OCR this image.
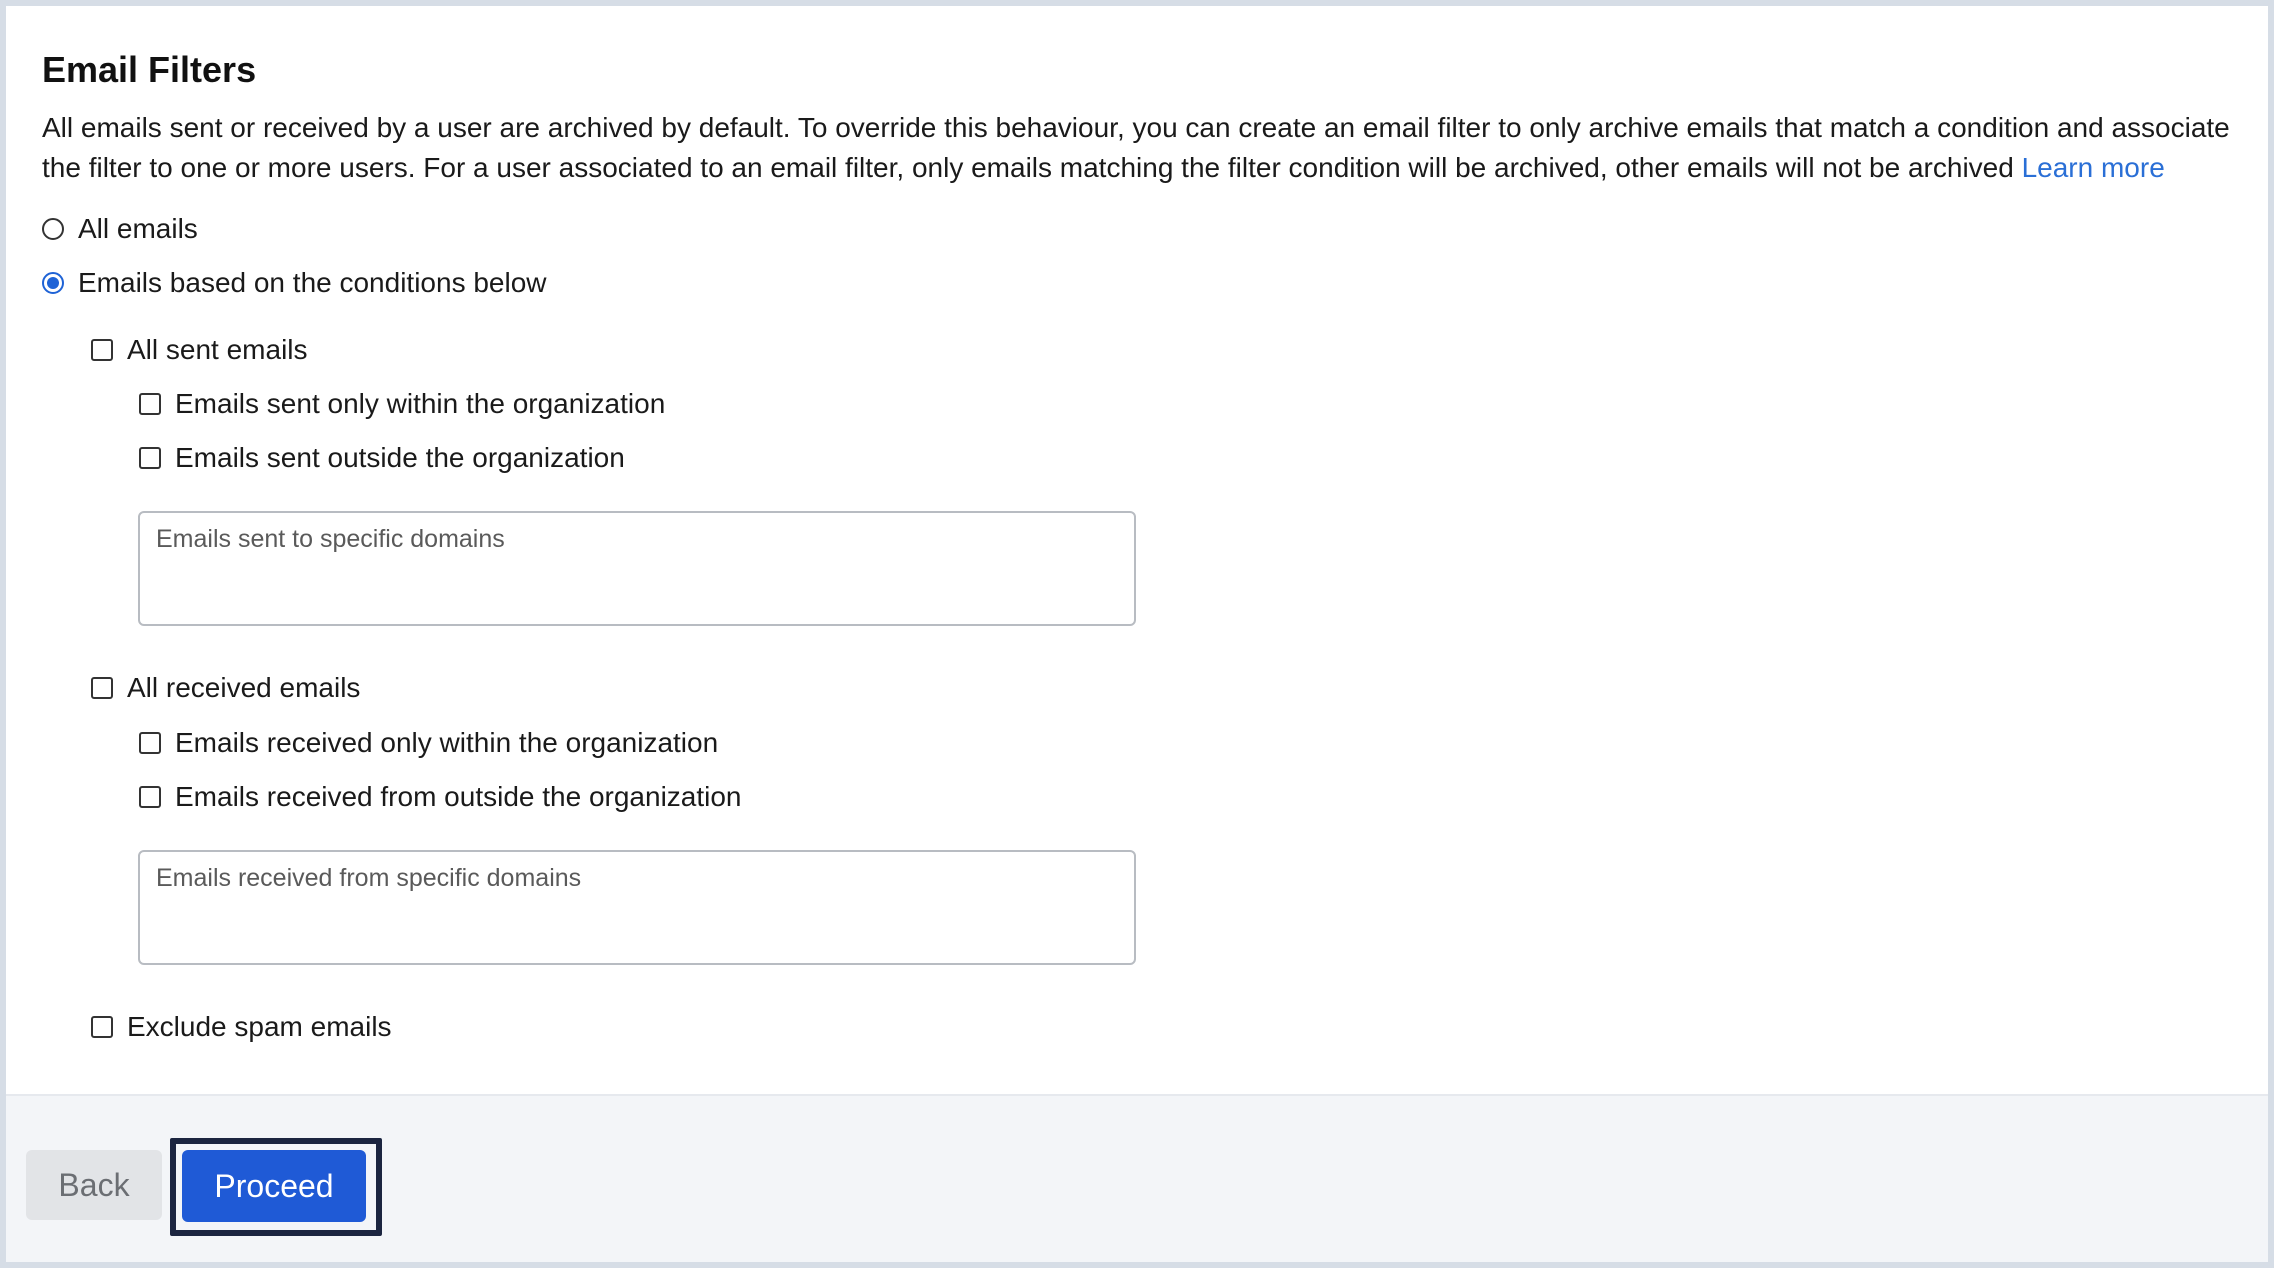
Email Filters
All emails sent or received by a user are archived by default. To override this behaviour, you can create an email filter to only archive emails that match a condition and associate the filter to one or more users. For a user associated to an email filter, only emails matching the filter condition will be archived, other emails will not be archived Learn more
All emails
Emails based on the conditions below
All sent emails
Emails sent only within the organization
Emails sent outside the organization
Emails sent to specific domains
All received emails
Emails received only within the organization
Emails received from outside the organization
Emails received from specific domains
Exclude spam emails
Back	Proceed
